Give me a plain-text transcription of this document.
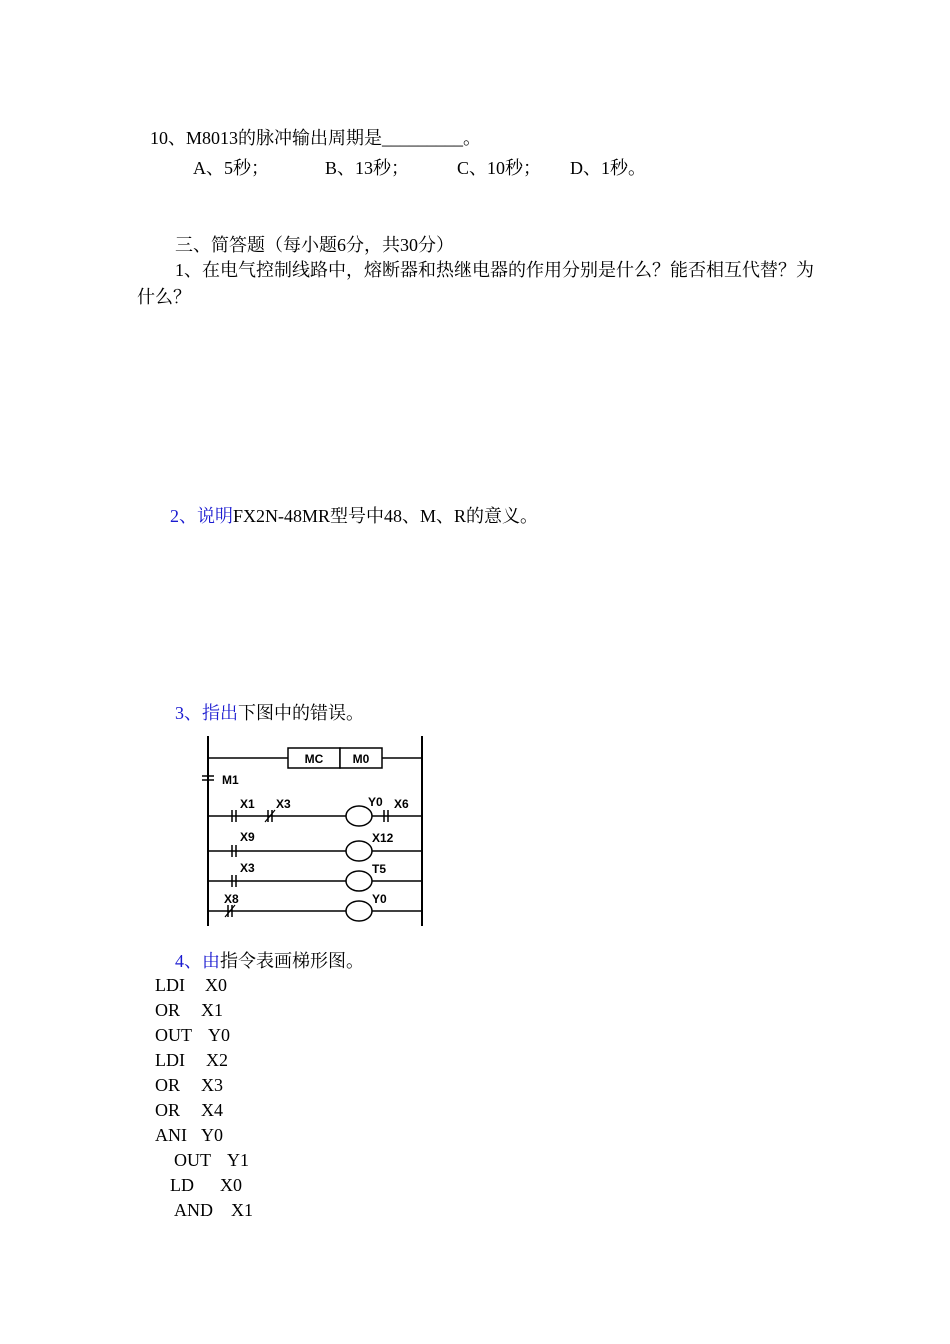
10、M8013的脉冲输出周期是_________。
A、5秒；	B、13秒；	C、10秒； D、1秒。
三、简答题（每小题6分，共30分）
1、在电气控制线路中，熔断器和热继电器的作用分别是什么？能否相互代替？为
什么？
2、说明FX2N-48MR型号中48、M、R的意义。
3、指出下图中的错误。
MC M0
M1
X1 X3	Y0 X6
X9	X12
X3	T5
X8	Y0
4、由指令表画梯形图。
LDI X0
OR X1
OUT Y0
LDI X2
OR X3
OR X4
ANI Y0
OUT Y1
LD X0
AND X1
